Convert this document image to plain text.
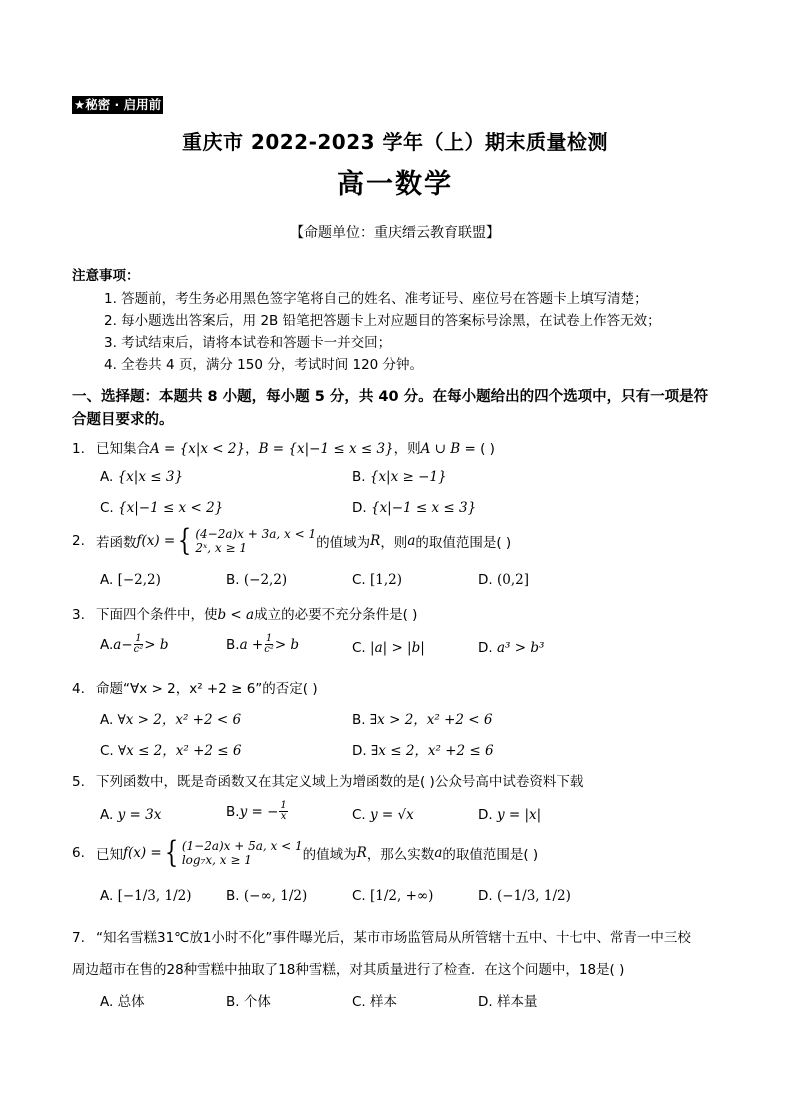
★秘密 · 启用前
重庆市 2022-2023 学年（上）期末质量检测
高一数学
【命题单位：重庆缙云教育联盟】
注意事项：
1. 答题前，考生务必用黑色签字笔将自己的姓名、准考证号、座位号在答题卡上填写清楚；
2. 每小题选出答案后，用 2B 铅笔把答题卡上对应题目的答案标号涂黑，在试卷上作答无效；
3. 考试结束后，请将本试卷和答题卡一并交回；
4. 全卷共 4 页，满分 150 分，考试时间 120 分钟。
一、选择题：本题共 8 小题，每小题 5 分，共 40 分。在每小题给出的四个选项中，只有一项是符合题目要求的。
1. 已知集合A = {x|x < 2}，B = {x|−1 ≤ x ≤ 3}，则A ∪ B = ( )
A. {x|x ≤ 3}	B. {x|x ≥ −1}
C. {x|−1 ≤ x < 2}	D. {x|−1 ≤ x ≤ 3}
2. 若函数 f(x) = { (4−2a)x + 3a, x < 1
2ˣ, x ≥ 1	的值域为 R ，则 a 的取值范围是( )
A. [−2,2)	B. (−2,2)	C. [1,2)	D. (0,2]
3. 下面四个条件中，使b < a成立的必要不充分条件是( )
A. $a- \frac{1}{\text{c²}} > b$	B. $a + \frac{1}{\text{c²}} > b$	C. |a| > |b|	D. a³ > b³
4. 命题“∀x > 2，x² +2 ≥ 6”的否定( )
A. ∀x > 2，x² +2 < 6	B. ∃x > 2，x² +2 < 6
C. ∀x ≤ 2，x² +2 ≤ 6	D. ∃x ≤ 2，x² +2 ≤ 6
5. 下列函数中，既是奇函数又在其定义域上为增函数的是( )公众号高中试卷资料下载
A. y = 3x	B. y = − $\frac{1}{x}$	C. y = √x	D. y = |x|
6. 已知 f(x) = { (1−2a)x + 5a, x < 1
log₇x, x ≥ 1	的值域为 R ，那么实数 a 的取值范围是( )
A. [−1/3, 1/2)	B. (−∞, 1/2)	C. [1/2, +∞)	D. (−1/3, 1/2)
7. “知名雪糕31℃放1小时不化”事件曝光后，某市市场监管局从所管辖十五中、十七中、常青一中三校
周边超市在售的28种雪糕中抽取了18种雪糕，对其质量进行了检查．在这个问题中，18是( )
A. 总体	B. 个体	C. 样本	D. 样本量
